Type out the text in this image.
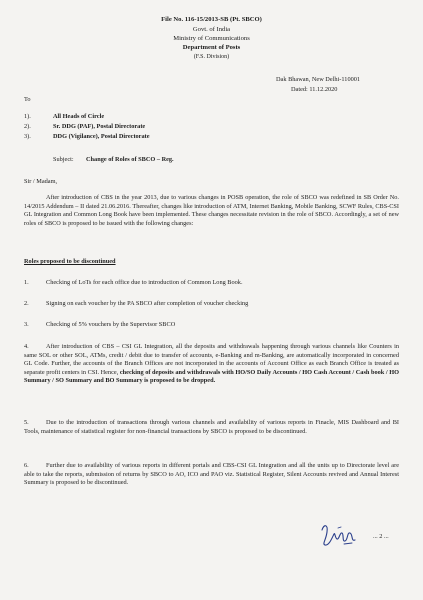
File No. 116-15/2013-SB (Pt. SBCO)
Govt. of India
Ministry of Communications
Department of Posts
(F.S. Division)
Dak Bhawan, New Delhi-110001
Dated: 11.12.2020
To
1).	All Heads of Circle
2).	Sr. DDG (PAF), Postal Directorate
3).	DDG (Vigilance), Postal Directorate
Subject: Change of Roles of SBCO – Reg.
Sir / Madam,
After introduction of CBS in the year 2013, due to various changes in POSB operation, the role of SBCO was redefined in SB Order No. 14/2015 Addendum – II dated 21.06.2016. Thereafter, changes like introduction of ATM, Internet Banking, Mobile Banking, SCWF Rules, CBS-CSI GL Integration and Common Long Book have been implemented. These changes necessitate revision in the role of SBCO. Accordingly, a set of new roles of SBCO is proposed to be issued with the following changes:
Roles proposed to be discontinued
1.	Checking of LoTs for each office due to introduction of Common Long Book.
2.	Signing on each voucher by the PA SBCO after completion of voucher checking
3.	Checking of 5% vouchers by the Supervisor SBCO
4.	After introduction of CBS – CSI GL Integration, all the deposits and withdrawals happening through various channels like Counters in same SOL or other SOL, ATMs, credit / debit due to transfer of accounts, e-Banking and m-Banking, are automatically incorporated in concerned GL Code. Further, the accounts of the Branch Offices are not incorporated in the accounts of Account Office as each Branch Office is treated as separate profit centers in CSI. Hence, checking of deposits and withdrawals with HO/SO Daily Accounts / HO Cash Account / Cash book / HO Summary / SO Summary and BO Summary is proposed to be dropped.
5.	Due to the introduction of transactions through various channels and availability of various reports in Finacle, MIS Dashboard and BI Tools, maintenance of statistical register for non-financial transactions by SBCO is proposed to be discontinued.
6.	Further due to availability of various reports in different portals and CBS-CSI GL Integration and all the units up to Directorate level are able to take the reports, submission of returns by SBCO to AO, ICO and PAO viz. Statistical Register, Silent Accounts revived and Annual Interest Summary is proposed to be discontinued.
... 2 ...
